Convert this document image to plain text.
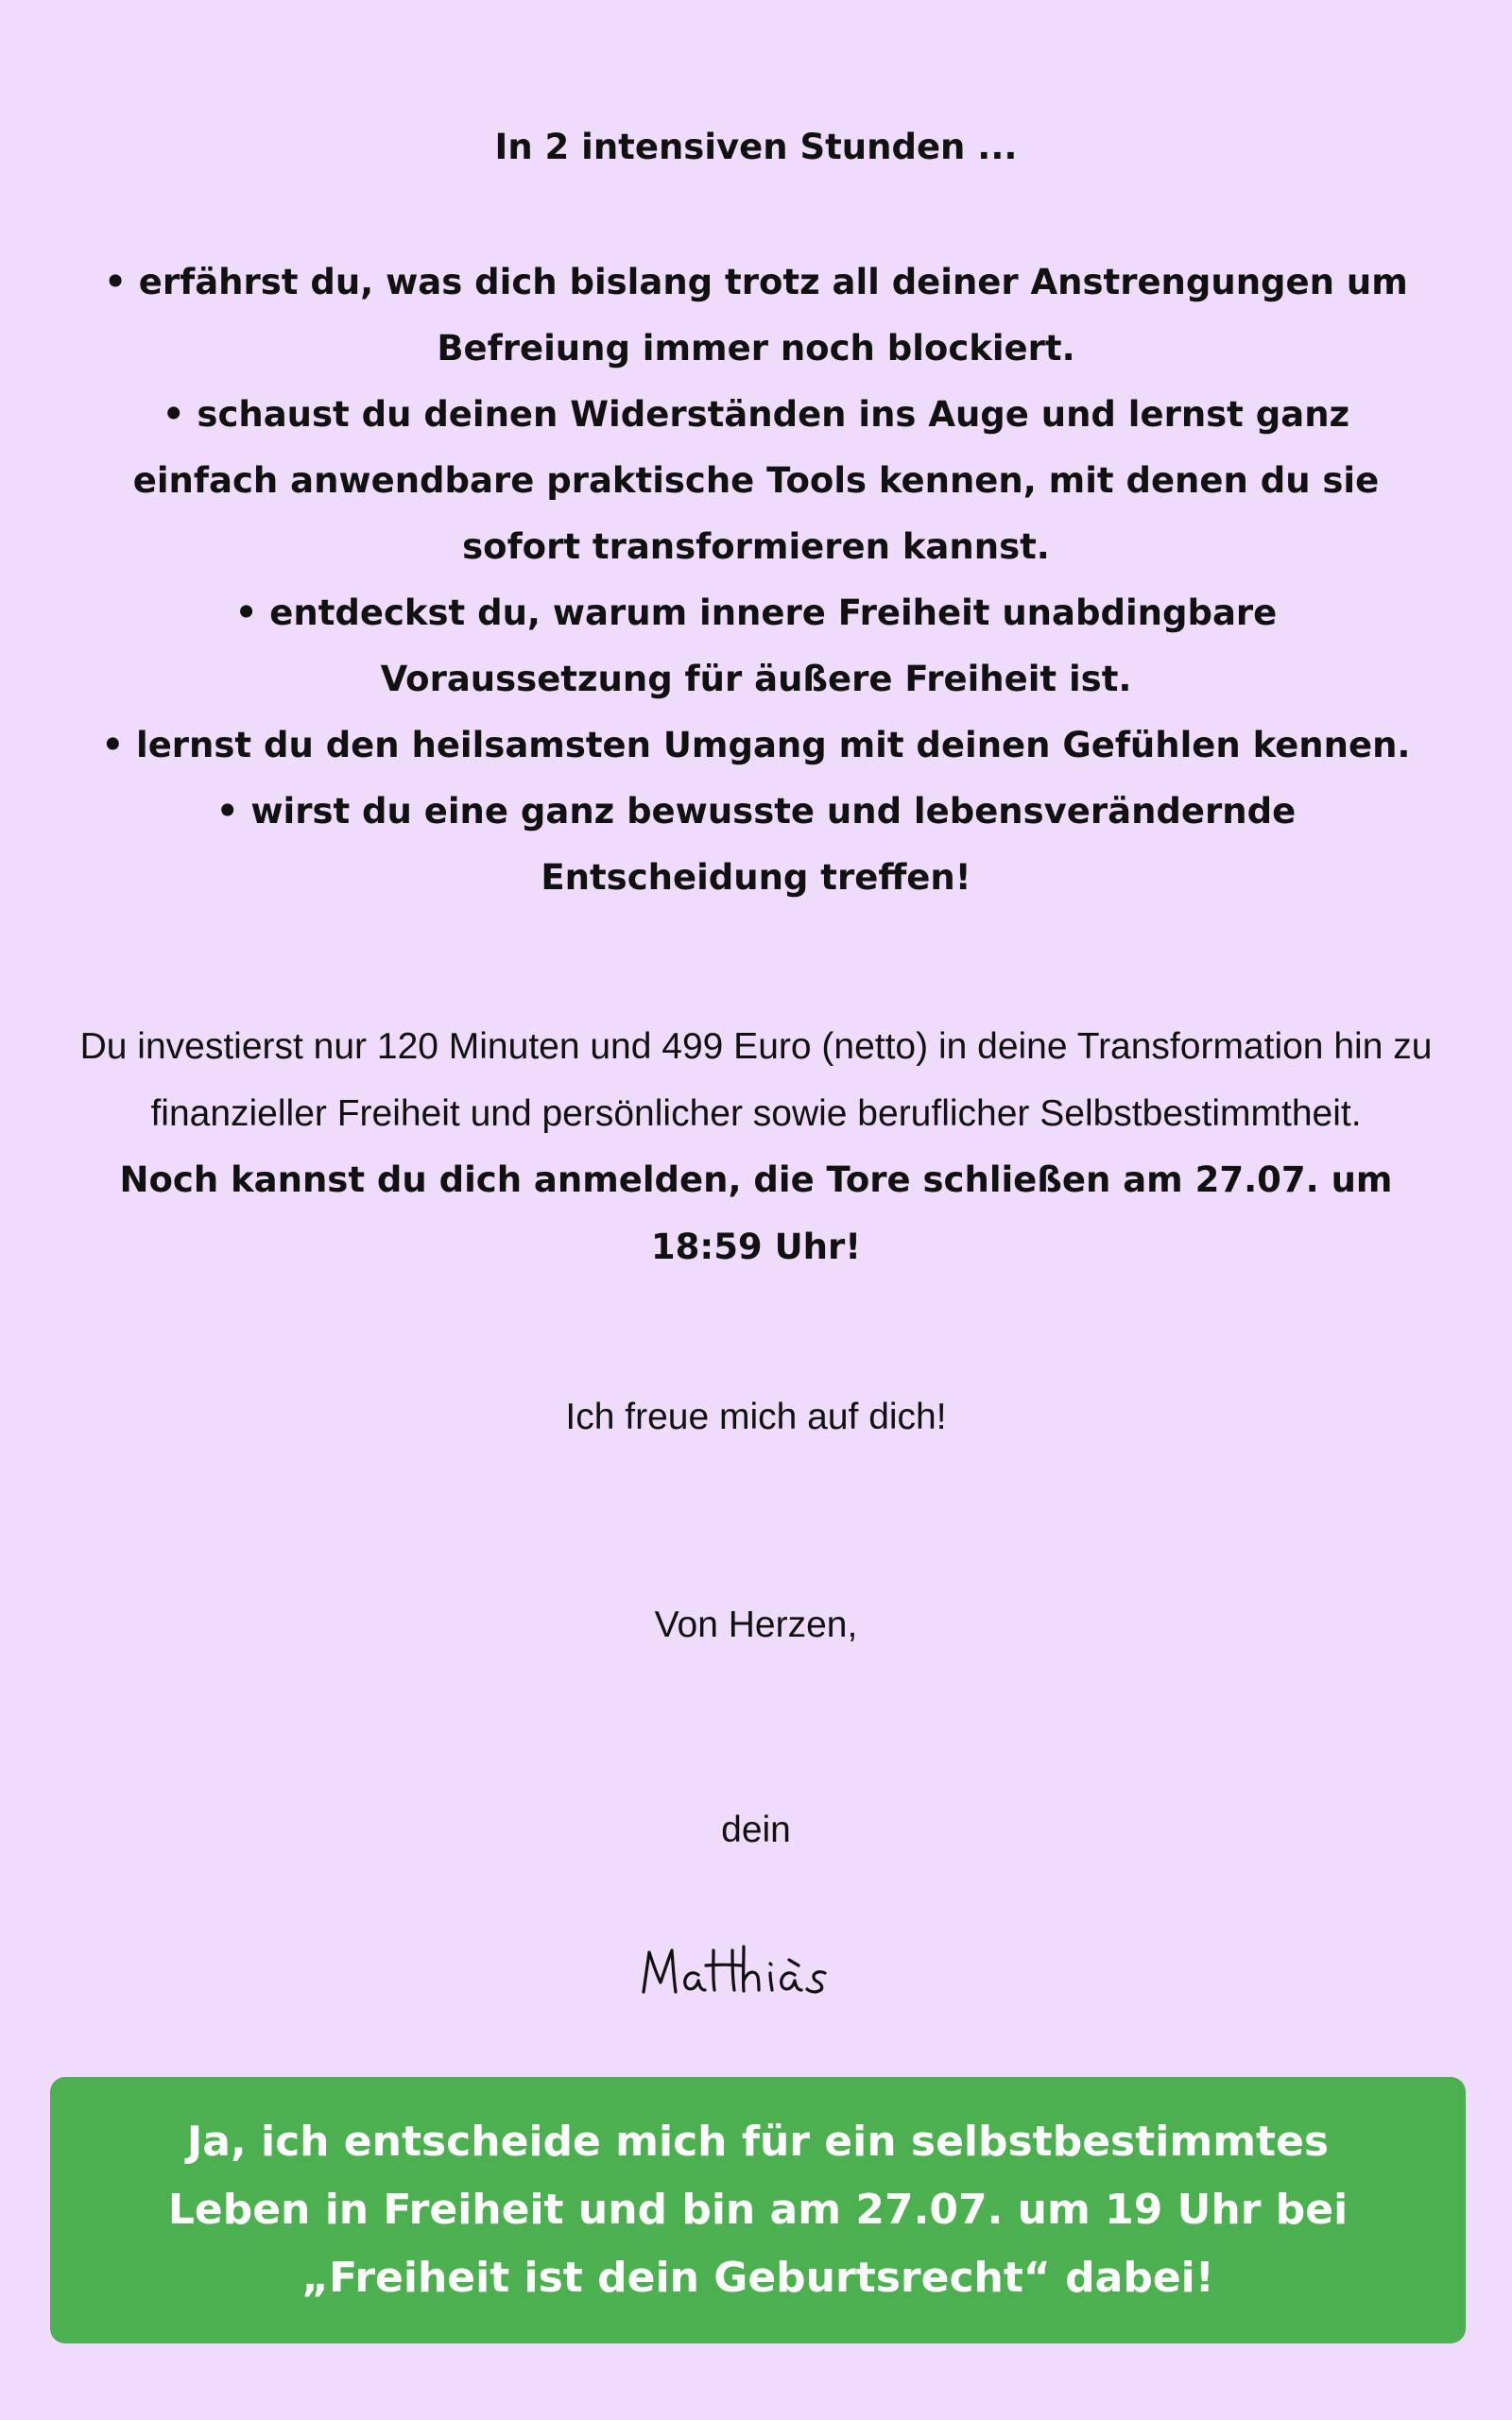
In 2 intensiven Stunden ...

• erfährst du, was dich bislang trotz all deiner Anstrengungen um Befreiung immer noch blockiert.
• schaust du deinen Widerständen ins Auge und lernst ganz einfach anwendbare praktische Tools kennen, mit denen du sie sofort transformieren kannst.
• entdeckst du, warum innere Freiheit unabdingbare Voraussetzung für äußere Freiheit ist.
• lernst du den heilsamsten Umgang mit deinen Gefühlen kennen.
• wirst du eine ganz bewusste und lebensverändernde Entscheidung treffen!

Du investierst nur 120 Minuten und 499 Euro (netto) in deine Transformation hin zu finanzieller Freiheit und persönlicher sowie beruflicher Selbstbestimmtheit.

Noch kannst du dich anmelden, die Tore schließen am 27.07. um 18:59 Uhr!

Ich freue mich auf dich!

Von Herzen,

dein

Ja, ich entscheide mich für ein selbstbestimmtes Leben in Freiheit und bin am 27.07. um 19 Uhr bei „Freiheit ist dein Geburtsrecht“ dabei!
